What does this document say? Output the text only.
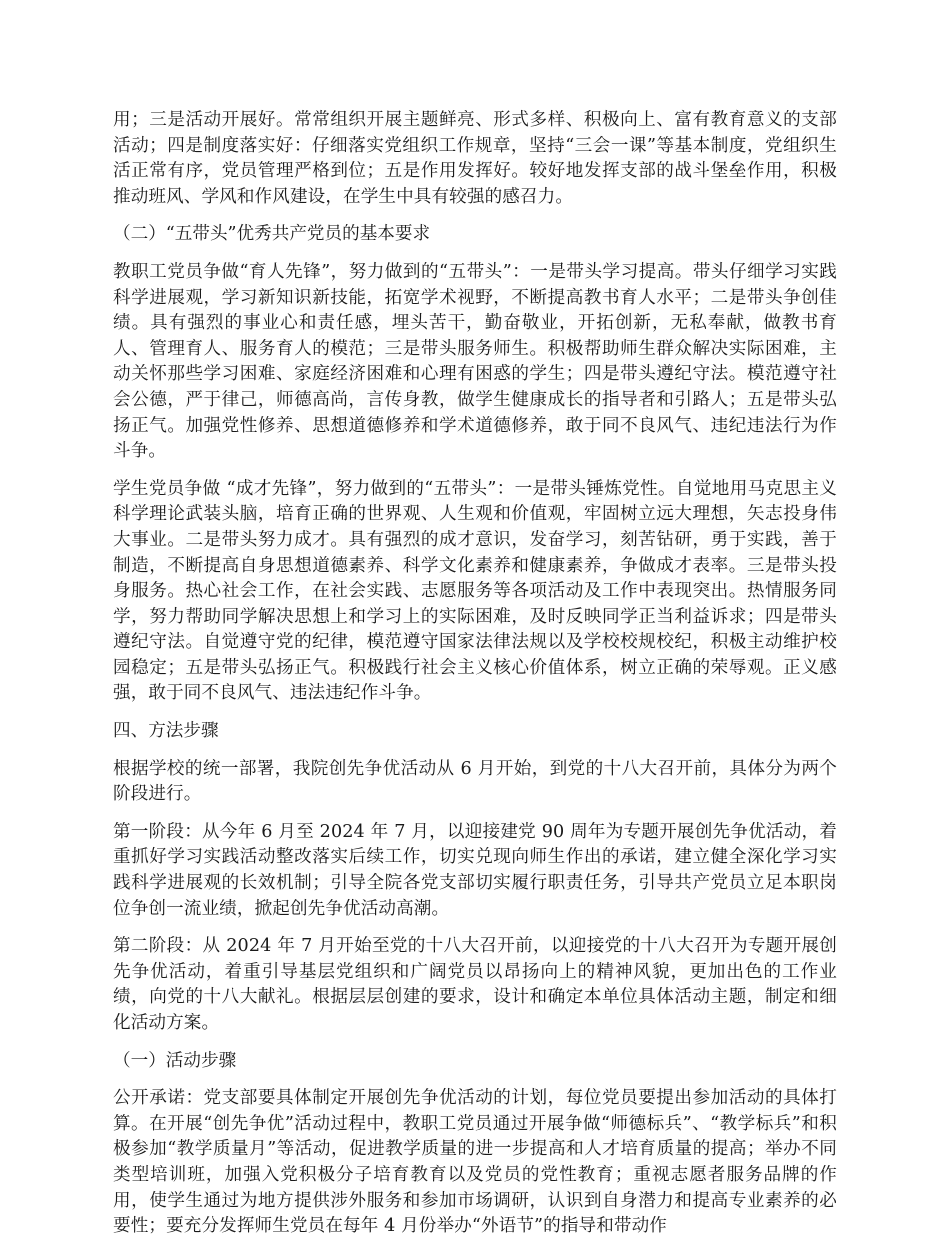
用；三是活动开展好。常常组织开展主题鲜亮、形式多样、积极向上、富有教育意义的支部活动；四是制度落实好：仔细落实党组织工作规章，坚持“三会一课”等基本制度，党组织生活正常有序，党员管理严格到位；五是作用发挥好。较好地发挥支部的战斗堡垒作用，积极推动班风、学风和作风建设，在学生中具有较强的感召力。

（二）“五带头”优秀共产党员的基本要求

教职工党员争做“育人先锋”，努力做到的“五带头”：一是带头学习提高。带头仔细学习实践科学进展观，学习新知识新技能，拓宽学术视野，不断提高教书育人水平；二是带头争创佳绩。具有强烈的事业心和责任感，埋头苦干，勤奋敬业，开拓创新，无私奉献，做教书育人、管理育人、服务育人的模范；三是带头服务师生。积极帮助师生群众解决实际困难，主动关怀那些学习困难、家庭经济困难和心理有困惑的学生；四是带头遵纪守法。模范遵守社会公德，严于律己，师德高尚，言传身教，做学生健康成长的指导者和引路人；五是带头弘扬正气。加强党性修养、思想道德修养和学术道德修养，敢于同不良风气、违纪违法行为作斗争。

学生党员争做 “成才先锋”，努力做到的“五带头”：一是带头锤炼党性。自觉地用马克思主义科学理论武装头脑，培育正确的世界观、人生观和价值观，牢固树立远大理想，矢志投身伟大事业。二是带头努力成才。具有强烈的成才意识，发奋学习，刻苦钻研，勇于实践，善于制造，不断提高自身思想道德素养、科学文化素养和健康素养，争做成才表率。三是带头投身服务。热心社会工作，在社会实践、志愿服务等各项活动及工作中表现突出。热情服务同学，努力帮助同学解决思想上和学习上的实际困难，及时反映同学正当利益诉求；四是带头遵纪守法。自觉遵守党的纪律，模范遵守国家法律法规以及学校校规校纪，积极主动维护校园稳定；五是带头弘扬正气。积极践行社会主义核心价值体系，树立正确的荣辱观。正义感强，敢于同不良风气、违法违纪作斗争。

四、方法步骤

根据学校的统一部署，我院创先争优活动从 6 月开始，到党的十八大召开前，具体分为两个阶段进行。

第一阶段：从今年 6 月至 2024 年 7 月，以迎接建党 90 周年为专题开展创先争优活动，着重抓好学习实践活动整改落实后续工作，切实兑现向师生作出的承诺，建立健全深化学习实践科学进展观的长效机制；引导全院各党支部切实履行职责任务，引导共产党员立足本职岗位争创一流业绩，掀起创先争优活动高潮。

第二阶段：从 2024 年 7 月开始至党的十八大召开前，以迎接党的十八大召开为专题开展创先争优活动，着重引导基层党组织和广阔党员以昂扬向上的精神风貌，更加出色的工作业绩，向党的十八大献礼。根据层层创建的要求，设计和确定本单位具体活动主题，制定和细化活动方案。

（一）活动步骤

公开承诺：党支部要具体制定开展创先争优活动的计划，每位党员要提出参加活动的具体打算。在开展“创先争优”活动过程中，教职工党员通过开展争做“师德标兵”、“教学标兵”和积极参加“教学质量月”等活动，促进教学质量的进一步提高和人才培育质量的提高；举办不同类型培训班，加强入党积极分子培育教育以及党员的党性教育；重视志愿者服务品牌的作用，使学生通过为地方提供涉外服务和参加市场调研，认识到自身潜力和提高专业素养的必要性；要充分发挥师生党员在每年 4 月份举办“外语节”的指导和带动作
